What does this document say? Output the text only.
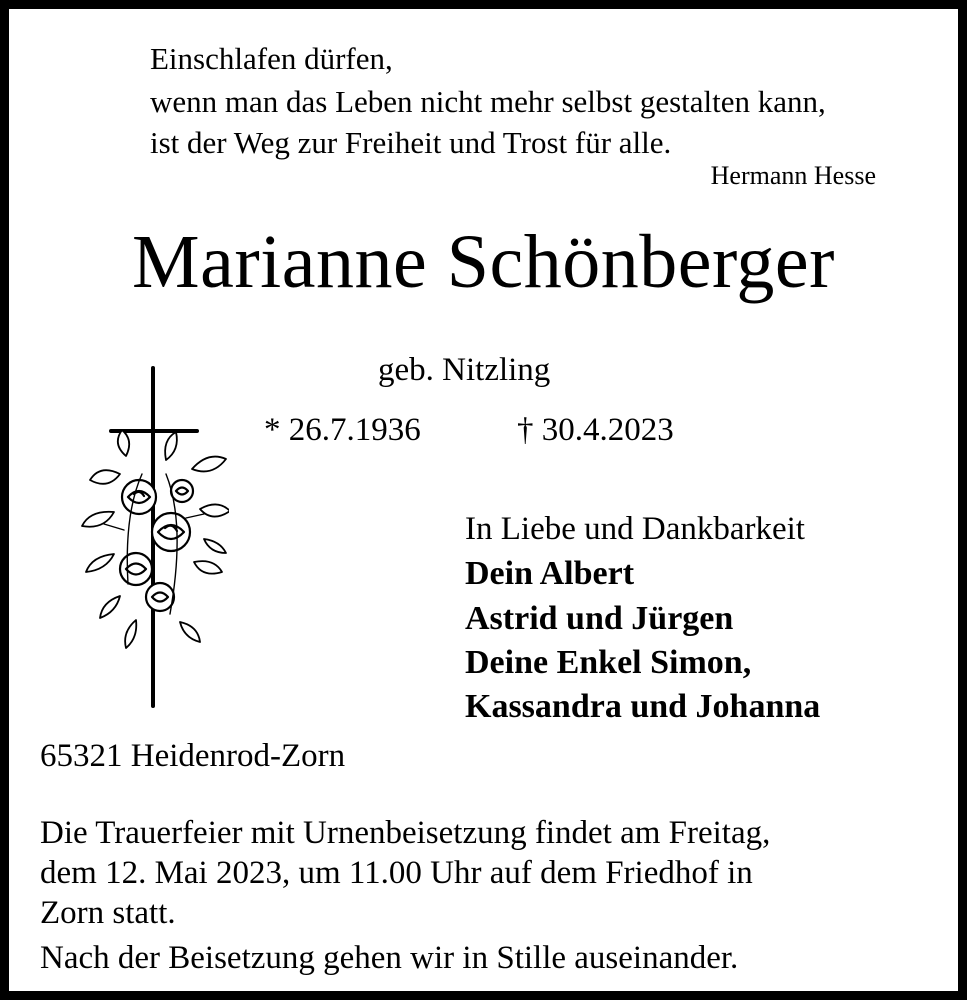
Einschlafen dürfen,
wenn man das Leben nicht mehr selbst gestalten kann,
ist der Weg zur Freiheit und Trost für alle.
Hermann Hesse
Marianne Schönberger
geb. Nitzling
* 26.7.1936	† 30.4.2023
In Liebe und Dankbarkeit
Dein Albert
Astrid und Jürgen
Deine Enkel Simon,
Kassandra und Johanna
65321 Heidenrod-Zorn
Die Trauerfeier mit Urnenbeisetzung findet am Freitag,
dem 12. Mai 2023, um 11.00 Uhr auf dem Friedhof in
Zorn statt.
Nach der Beisetzung gehen wir in Stille auseinander.
